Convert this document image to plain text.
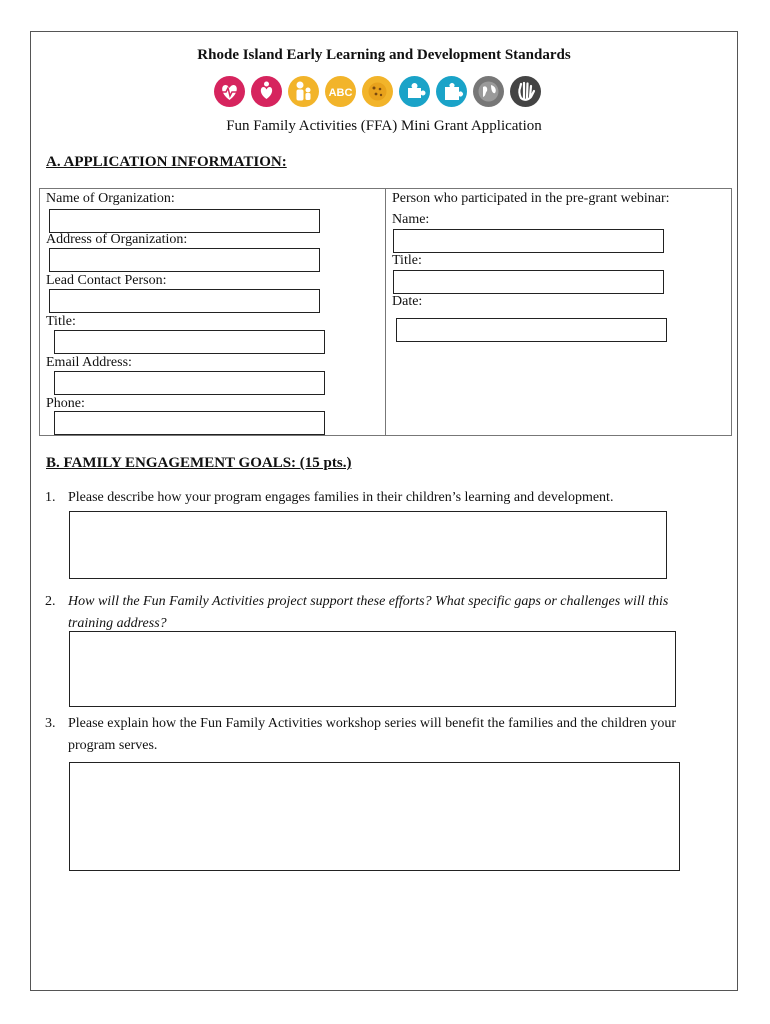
Rhode Island Early Learning and Development Standards
ABC
Fun Family Activities (FFA) Mini Grant Application
A. APPLICATION INFORMATION:
Name of Organization:
Address of Organization:
Lead Contact Person:
Title:
Email Address:
Phone:
Person who participated in the pre-grant webinar:
Name:
Title:
Date:
B. FAMILY ENGAGEMENT GOALS: (15 pts.)
1. Please describe how your program engages families in their children’s learning and development.
2. How will the Fun Family Activities project support these efforts? What specific gaps or challenges will this
training address?
3. Please explain how the Fun Family Activities workshop series will benefit the families and the children your
program serves.
